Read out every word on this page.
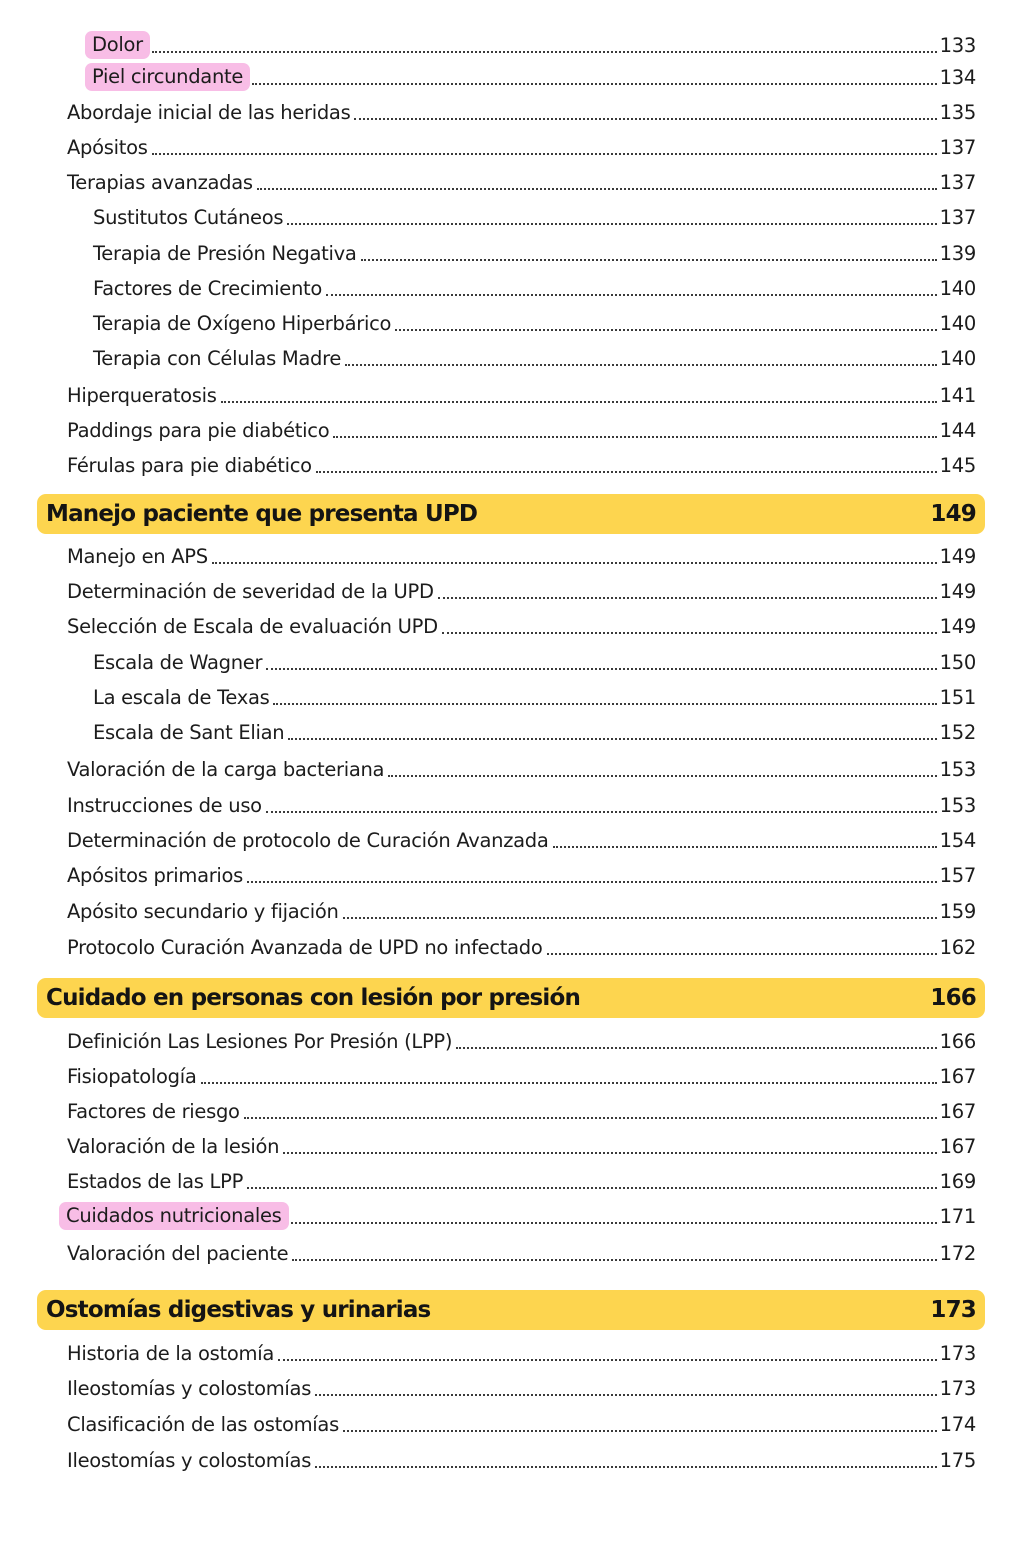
Dolor	133
Piel circundante	134
Abordaje inicial de las heridas	135
Apósitos	137
Terapias avanzadas	137
Sustitutos Cutáneos	137
Terapia de Presión Negativa	139
Factores de Crecimiento	140
Terapia de Oxígeno Hiperbárico	140
Terapia con Células Madre	140
Hiperqueratosis	141
Paddings para pie diabético	144
Férulas para pie diabético	145
Manejo paciente que presenta UPD	149
Manejo en APS	149
Determinación de severidad de la UPD	149
Selección de Escala de evaluación UPD	149
Escala de Wagner	150
La escala de Texas	151
Escala de Sant Elian	152
Valoración de la carga bacteriana	153
Instrucciones de uso	153
Determinación de protocolo de Curación Avanzada	154
Apósitos primarios	157
Apósito secundario y fijación	159
Protocolo Curación Avanzada de UPD no infectado	162
Cuidado en personas con lesión por presión	166
Definición Las Lesiones Por Presión (LPP)	166
Fisiopatología	167
Factores de riesgo	167
Valoración de la lesión	167
Estados de las LPP	169
Cuidados nutricionales	171
Valoración del paciente	172
Ostomías digestivas y urinarias	173
Historia de la ostomía	173
Ileostomías y colostomías	173
Clasificación de las ostomías	174
Ileostomías y colostomías	175
